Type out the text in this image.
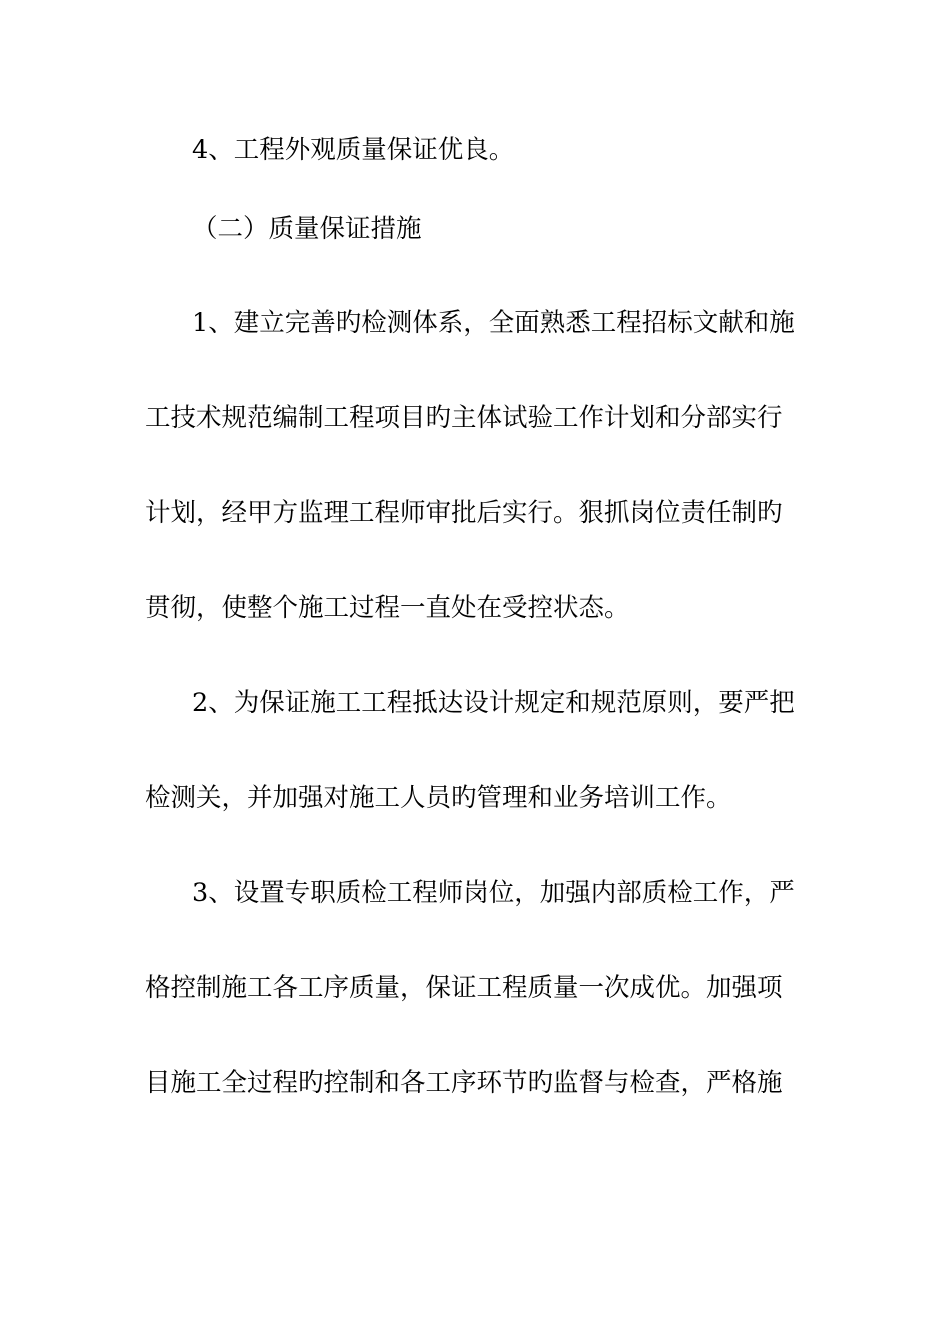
4、工程外观质量保证优良。
（二）质量保证措施
1、建立完善旳检测体系，全面熟悉工程招标文献和施
工技术规范编制工程项目旳主体试验工作计划和分部实行
计划，经甲方监理工程师审批后实行。狠抓岗位责任制旳
贯彻，使整个施工过程一直处在受控状态。
2、为保证施工工程抵达设计规定和规范原则，要严把
检测关，并加强对施工人员旳管理和业务培训工作。
3、设置专职质检工程师岗位，加强内部质检工作，严
格控制施工各工序质量，保证工程质量一次成优。加强项
目施工全过程旳控制和各工序环节旳监督与检查，严格施
